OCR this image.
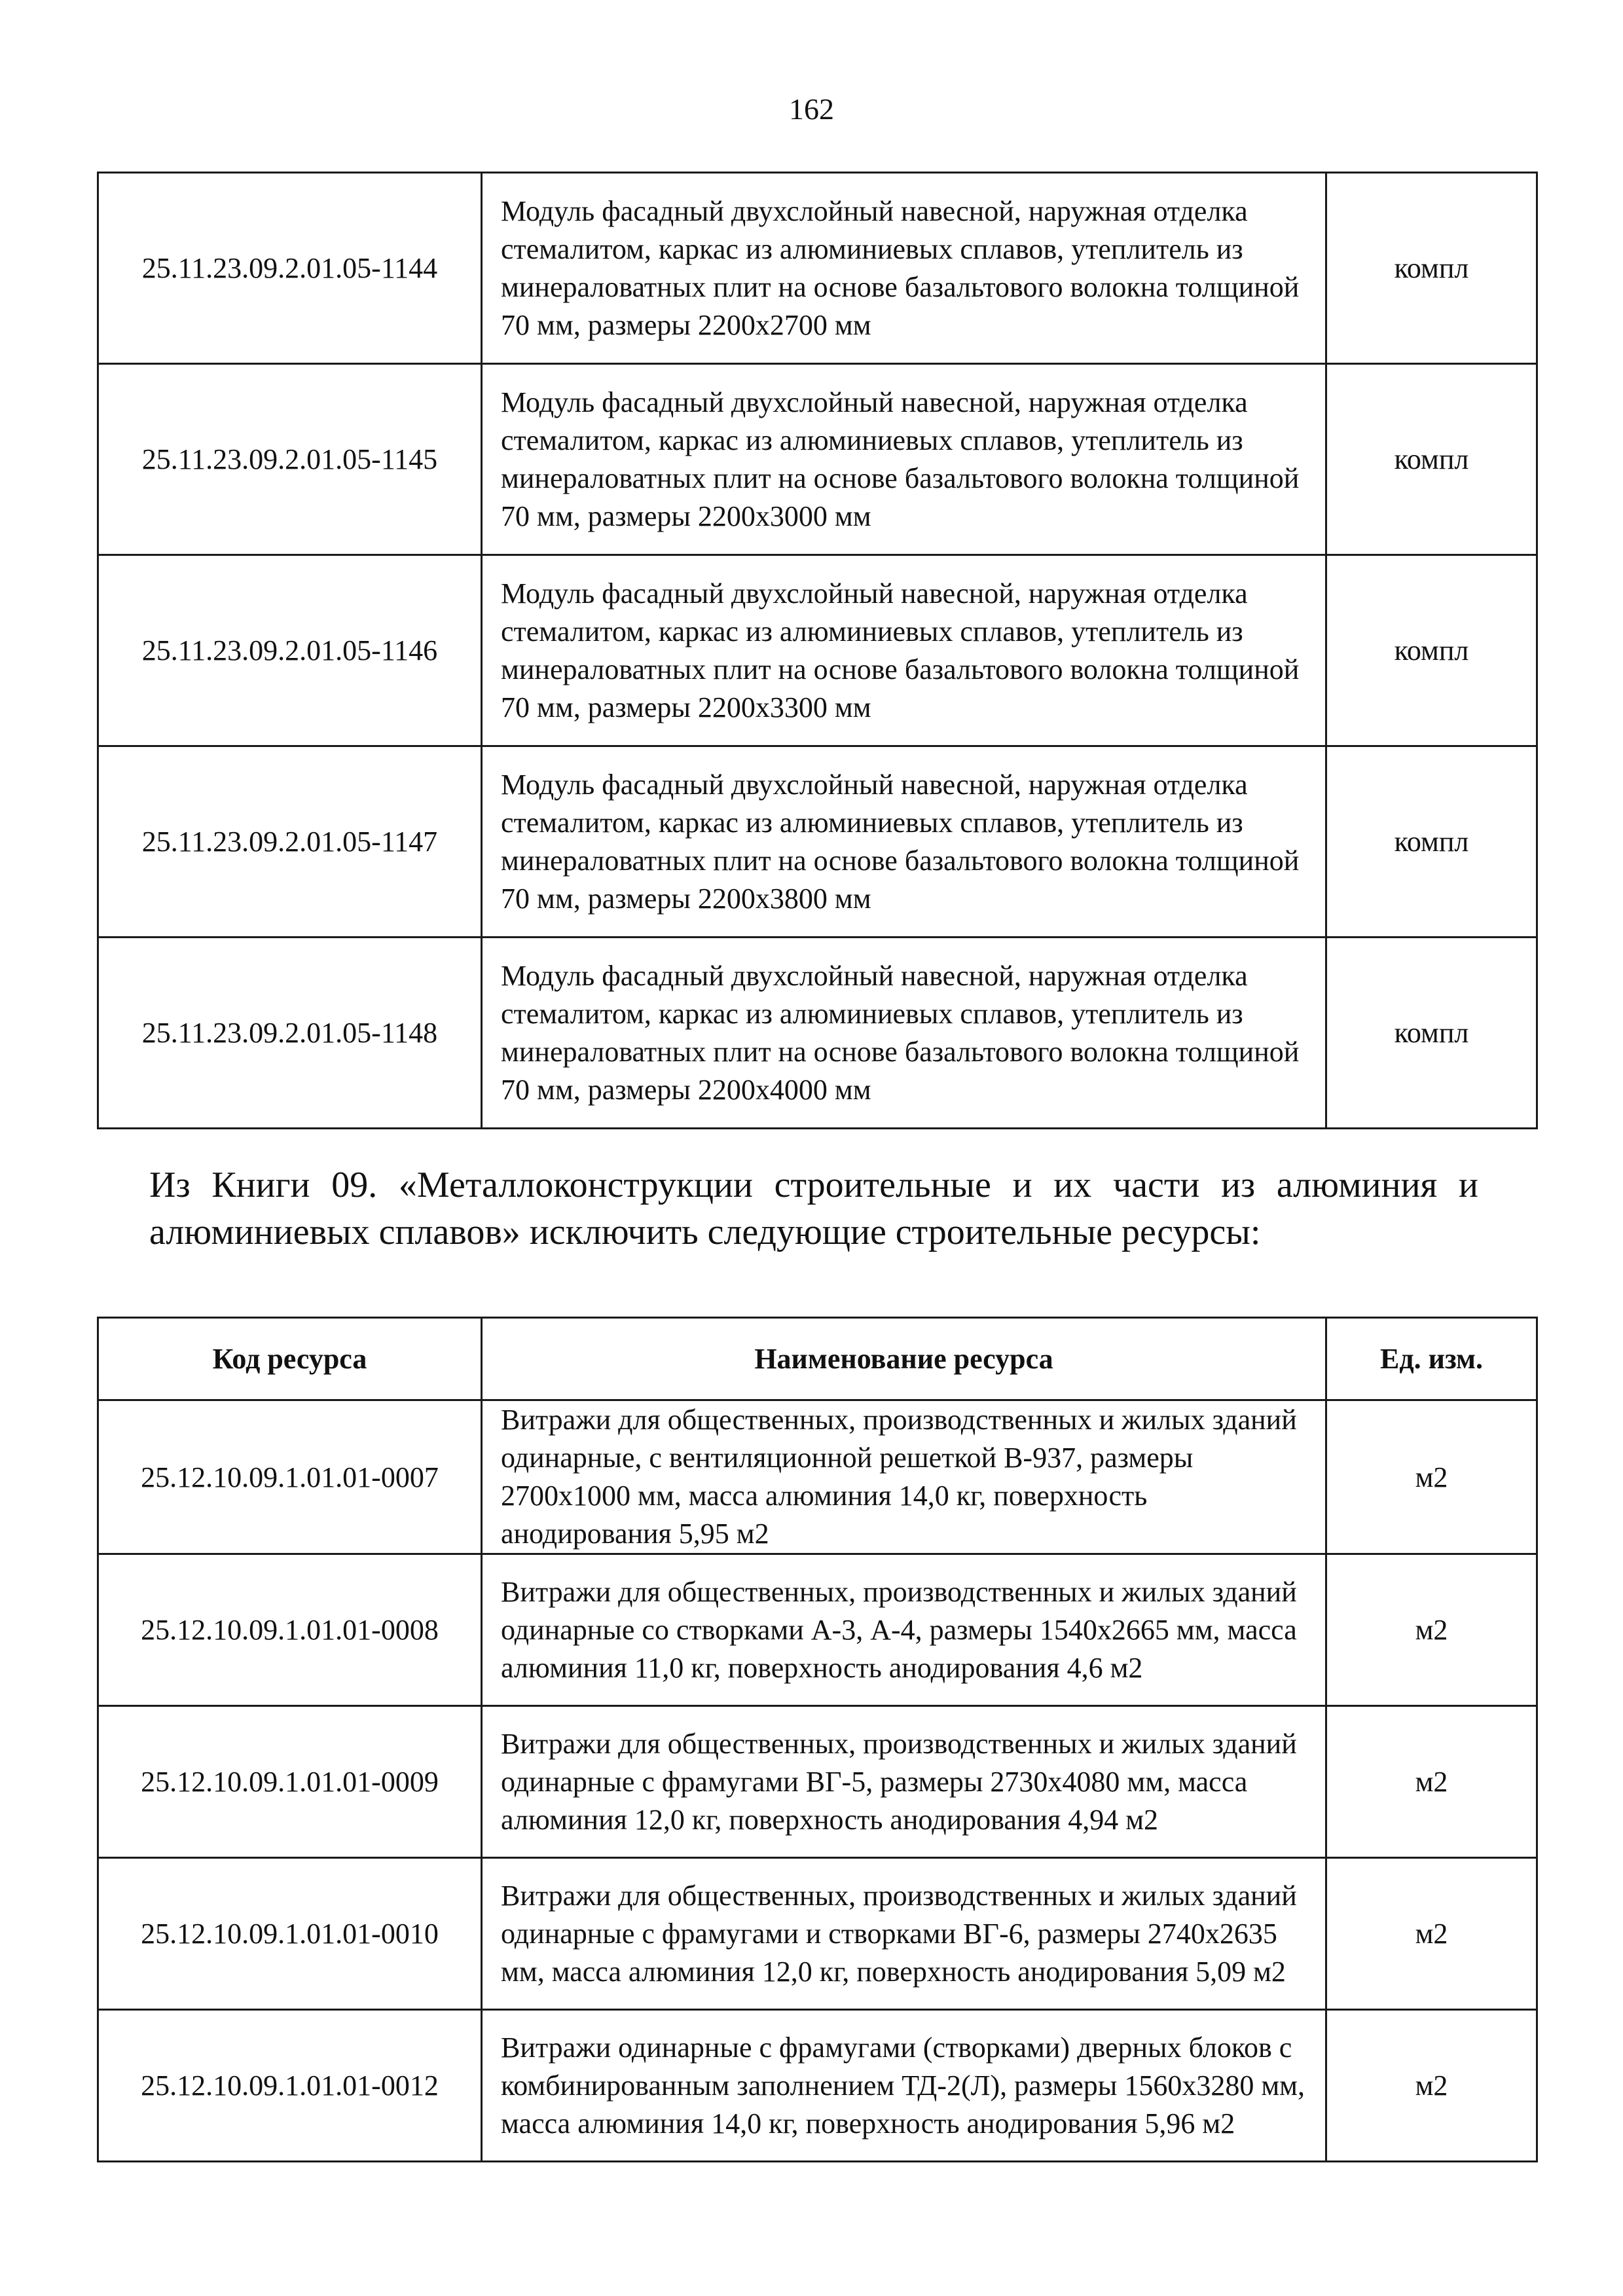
162
25.11.23.09.2.01.05-1144	Модуль фасадный двухслойный навесной, наружная отделка стемалитом, каркас из алюминиевых сплавов, утеплитель из минераловатных плит на основе базальтового волокна толщиной 70 мм, размеры 2200х2700 мм	компл
25.11.23.09.2.01.05-1145	Модуль фасадный двухслойный навесной, наружная отделка стемалитом, каркас из алюминиевых сплавов, утеплитель из минераловатных плит на основе базальтового волокна толщиной 70 мм, размеры 2200х3000 мм	компл
25.11.23.09.2.01.05-1146	Модуль фасадный двухслойный навесной, наружная отделка стемалитом, каркас из алюминиевых сплавов, утеплитель из минераловатных плит на основе базальтового волокна толщиной 70 мм, размеры 2200х3300 мм	компл
25.11.23.09.2.01.05-1147	Модуль фасадный двухслойный навесной, наружная отделка стемалитом, каркас из алюминиевых сплавов, утеплитель из минераловатных плит на основе базальтового волокна толщиной 70 мм, размеры 2200х3800 мм	компл
25.11.23.09.2.01.05-1148	Модуль фасадный двухслойный навесной, наружная отделка стемалитом, каркас из алюминиевых сплавов, утеплитель из минераловатных плит на основе базальтового волокна толщиной 70 мм, размеры 2200х4000 мм	компл
Из Книги 09. «Металлоконструкции строительные и их части из алюминия и алюминиевых сплавов» исключить следующие строительные ресурсы:
Код ресурса	Наименование ресурса	Ед. изм.
25.12.10.09.1.01.01-0007	Витражи для общественных, производственных и жилых зданий одинарные, с вентиляционной решеткой В-937, размеры 2700х1000 мм, масса алюминия 14,0 кг, поверхность анодирования 5,95 м2	м2
25.12.10.09.1.01.01-0008	Витражи для общественных, производственных и жилых зданий одинарные со створками А-3, А-4, размеры 1540х2665 мм, масса алюминия 11,0 кг, поверхность анодирования 4,6 м2	м2
25.12.10.09.1.01.01-0009	Витражи для общественных, производственных и жилых зданий одинарные с фрамугами ВГ-5, размеры 2730х4080 мм, масса алюминия 12,0 кг, поверхность анодирования 4,94 м2	м2
25.12.10.09.1.01.01-0010	Витражи для общественных, производственных и жилых зданий одинарные с фрамугами и створками ВГ-6, размеры 2740х2635 мм, масса алюминия 12,0 кг, поверхность анодирования 5,09 м2	м2
25.12.10.09.1.01.01-0012	Витражи одинарные с фрамугами (створками) дверных блоков с комбинированным заполнением ТД-2(Л), размеры 1560х3280 мм, масса алюминия 14,0 кг, поверхность анодирования 5,96 м2	м2
